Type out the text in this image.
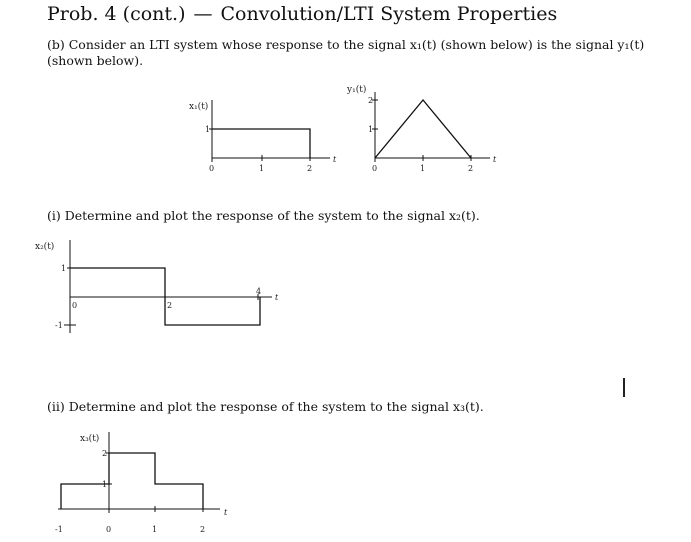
Prob. 4 (cont.) — Convolution/LTI System Properties
(b) Consider an LTI system whose response to the signal x₁(t) (shown below) is the signal y₁(t) (shown below).
(i) Determine and plot the response of the system to the signal x₂(t).
(ii) Determine and plot the response of the system to the signal x₃(t).
x₁(t)
1
0	1	2
t
y₁(t)
1
2
0	1	2
t
x₂(t)
1
-1
0	2
4
t
x₃(t)
1
2
-1	0	1	2
t
